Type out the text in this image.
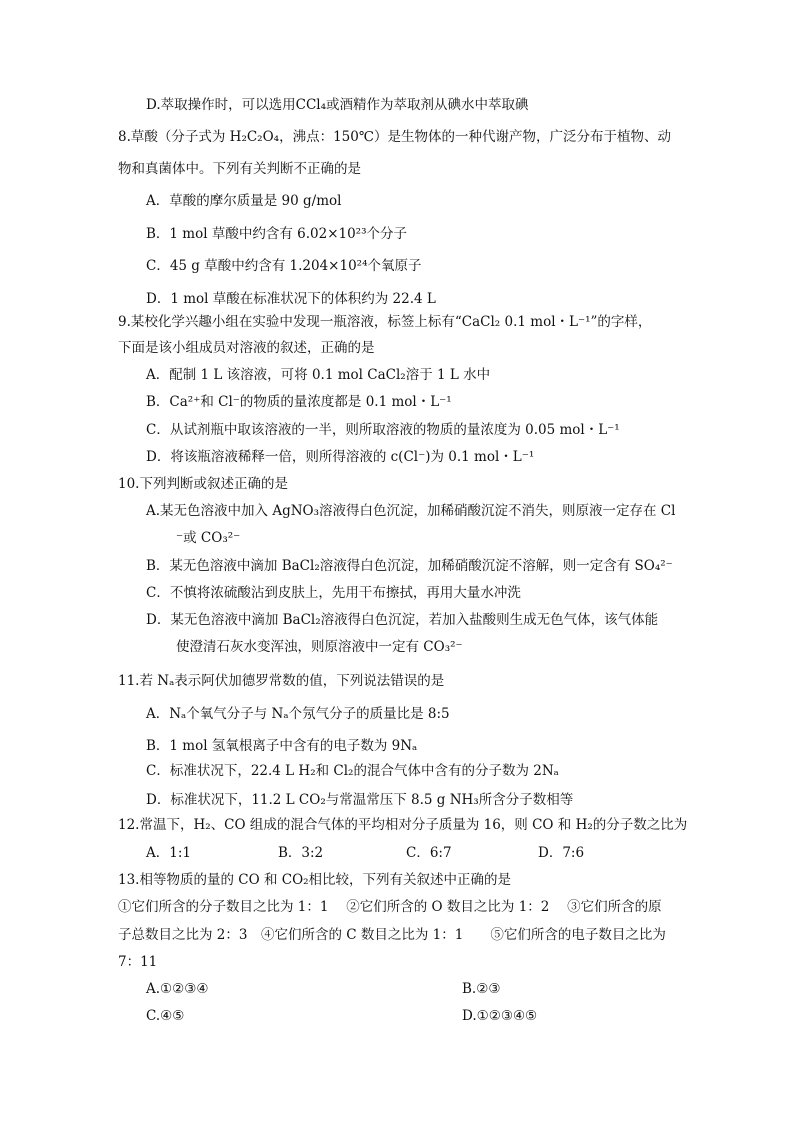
D.萃取操作时，可以选用CCl₄或酒精作为萃取剂从碘水中萃取碘
8.草酸（分子式为 H₂C₂O₄，沸点：150℃）是生物体的一种代谢产物，广泛分布于植物、动
物和真菌体中。下列有关判断不正确的是
A．草酸的摩尔质量是 90 g/mol
B．1 mol 草酸中约含有 6.02×10²³个分子
C．45 g 草酸中约含有 1.204×10²⁴个氧原子
D．1 mol 草酸在标准状况下的体积约为 22.4 L
9.某校化学兴趣小组在实验中发现一瓶溶液，标签上标有“CaCl₂ 0.1 mol・L⁻¹”的字样，
下面是该小组成员对溶液的叙述，正确的是
A．配制 1 L 该溶液，可将 0.1 mol CaCl₂溶于 1 L 水中
B．Ca²⁺和 Cl⁻的物质的量浓度都是 0.1 mol・L⁻¹
C．从试剂瓶中取该溶液的一半，则所取溶液的物质的量浓度为 0.05 mol・L⁻¹
D．将该瓶溶液稀释一倍，则所得溶液的 c(Cl⁻)为 0.1 mol・L⁻¹
10.下列判断或叙述正确的是
A.某无色溶液中加入 AgNO₃溶液得白色沉淀，加稀硝酸沉淀不消失，则原液一定存在 Cl
⁻或 CO₃²⁻
B．某无色溶液中滴加 BaCl₂溶液得白色沉淀，加稀硝酸沉淀不溶解，则一定含有 SO₄²⁻
C．不慎将浓硫酸沾到皮肤上，先用干布擦拭，再用大量水冲洗
D．某无色溶液中滴加 BaCl₂溶液得白色沉淀，若加入盐酸则生成无色气体，该气体能
使澄清石灰水变浑浊，则原溶液中一定有 CO₃²⁻
11.若 Nₐ表示阿伏加德罗常数的值，下列说法错误的是
A．Nₐ个氧气分子与 Nₐ个氖气分子的质量比是 8:5
B．1 mol 氢氧根离子中含有的电子数为 9Nₐ
C．标准状况下，22.4 L H₂和 Cl₂的混合气体中含有的分子数为 2Nₐ
D．标准状况下，11.2 L CO₂与常温常压下 8.5 g NH₃所含分子数相等
12.常温下，H₂、CO 组成的混合气体的平均相对分子质量为 16，则 CO 和 H₂的分子数之比为
A．1:1	B．3:2	C．6:7	D．7:6
13.相等物质的量的 CO 和 CO₂相比较，下列有关叙述中正确的是
①它们所含的分子数目之比为 1：1　 ②它们所含的 O 数目之比为 1：2　 ③它们所含的原
子总数目之比为 2：3　④它们所含的 C 数目之比为 1：1　　⑤它们所含的电子数目之比为
7：11
A.①②③④	B.②③
C.④⑤	D.①②③④⑤
